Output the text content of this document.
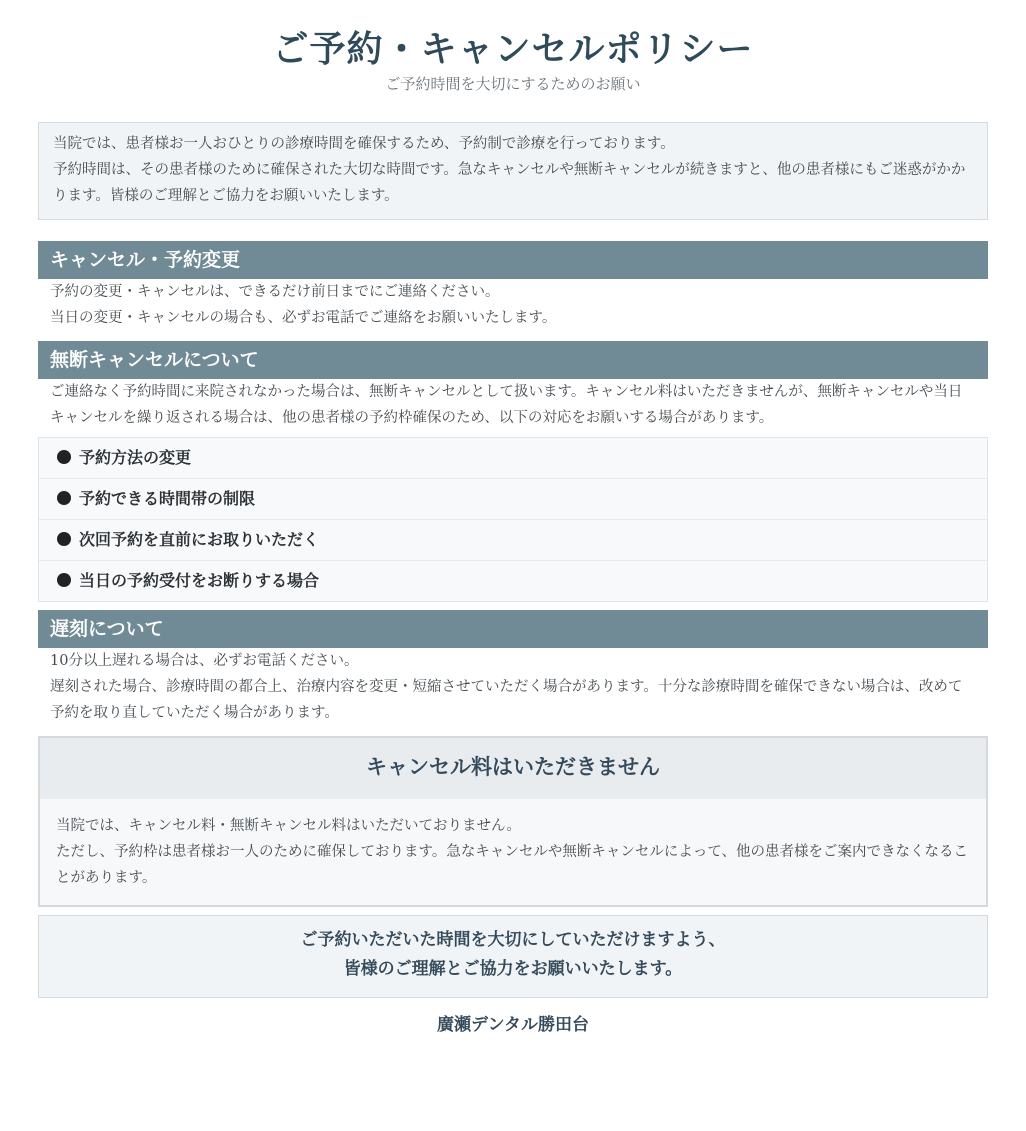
ご予約・キャンセルポリシー

ご予約時間を大切にするためのお願い

当院では、患者様お一人おひとりの診療時間を確保するため、予約制で診療を行っております。

予約時間は、その患者様のために確保された大切な時間です。急なキャンセルや無断キャンセルが続きますと、他の患者様にもご迷惑がかかります。皆様のご理解とご協力をお願いいたします。

キャンセル・予約変更

予約の変更・キャンセルは、できるだけ前日までにご連絡ください。

当日の変更・キャンセルの場合も、必ずお電話でご連絡をお願いいたします。

無断キャンセルについて

ご連絡なく予約時間に来院されなかった場合は、無断キャンセルとして扱います。キャンセル料はいただきませんが、無断キャンセルや当日キャンセルを繰り返される場合は、他の患者様の予約枠確保のため、以下の対応をお願いする場合があります。

予約方法の変更
予約できる時間帯の制限
次回予約を直前にお取りいただく
当日の予約受付をお断りする場合
遅刻について

10分以上遅れる場合は、必ずお電話ください。

遅刻された場合、診療時間の都合上、治療内容を変更・短縮させていただく場合があります。十分な診療時間を確保できない場合は、改めて予約を取り直していただく場合があります。

キャンセル料はいただきません

当院では、キャンセル料・無断キャンセル料はいただいておりません。

ただし、予約枠は患者様お一人のために確保しております。急なキャンセルや無断キャンセルによって、他の患者様をご案内できなくなることがあります。

ご予約いただいた時間を大切にしていただけますよう、

皆様のご理解とご協力をお願いいたします。

廣瀬デンタル勝田台
